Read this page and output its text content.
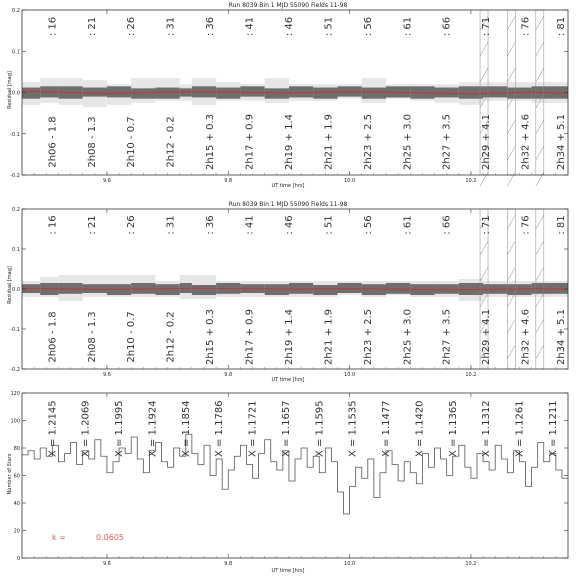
Run 8039 Bin 1 MJD 55090 Fields 11-98
: 16
2h06 - 1.8
: 21
2h08 - 1.3
: 26
2h10 - 0.7
: 31
2h12 - 0.2
: 36
2h15 + 0.3
: 41
2h17 + 0.9
: 46
2h19 + 1.4
: 51
2h21 + 1.9
: 56
2h23 + 2.5
: 61
2h25 + 3.0
: 66
2h27 + 3.5
: 71
2h29 + 4.1
: 76
2h32 + 4.6
: 81
2h34 + 5.1
9.6	9.8	10.0	10.2
-0.2
-0.1
0.0
0.1
0.2
Residual [mag]
UT time [hrs]
Run 8039 Bin 1 MJD 55090 Fields 11-98
: 16
2h06 - 1.8
: 21
2h08 - 1.3
: 26
2h10 - 0.7
: 31
2h12 - 0.2
: 36
2h15 + 0.3
: 41
2h17 + 0.9
: 46
2h19 + 1.4
: 51
2h21 + 1.9
: 56
2h23 + 2.5
: 61
2h25 + 3.0
: 66
2h27 + 3.5
: 71
2h29 + 4.1
: 76
2h32 + 4.6
: 81
2h34 + 5.1
9.6	9.8	10.0	10.2
-0.2
-0.1
0.0
0.1
0.2
Residual [mag]
UT time [hrs]
X = 1.2145 X = 1.2069 X = 1.1995 X = 1.1924 X = 1.1854 X = 1.1786 X = 1.1721 X = 1.1657 X = 1.1595 X = 1.1535 X = 1.1477 X = 1.1420 X = 1.1365 X = 1.1312 X = 1.1261 X = 1.1211
9.6	9.8	10.0	10.2
0
20
40
60
80
100
120
Number of Stars
UT time [hrs]
k =	0.0605
